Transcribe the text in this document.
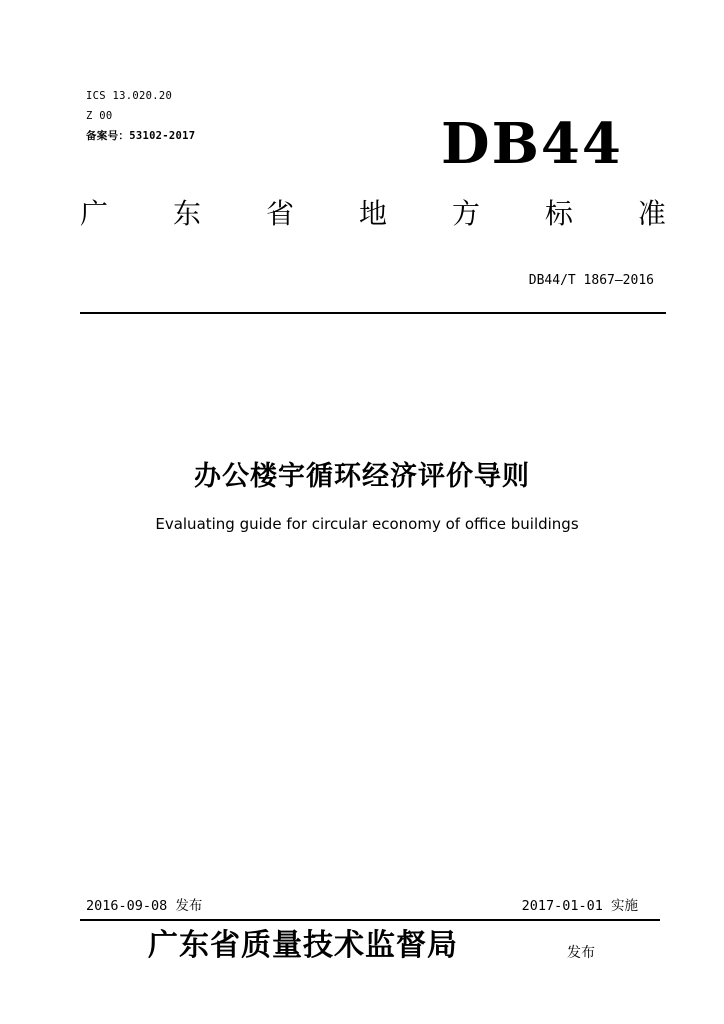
ICS 13.020.20
Z 00
备案号：53102-2017	DB44
广 东 省 地 方 标 准
DB44/T 1867—2016
办公楼宇循环经济评价导则
Evaluating guide for circular economy of office buildings
2016-09-08 发布	2017-01-01 实施
广东省质量技术监督局	发布
